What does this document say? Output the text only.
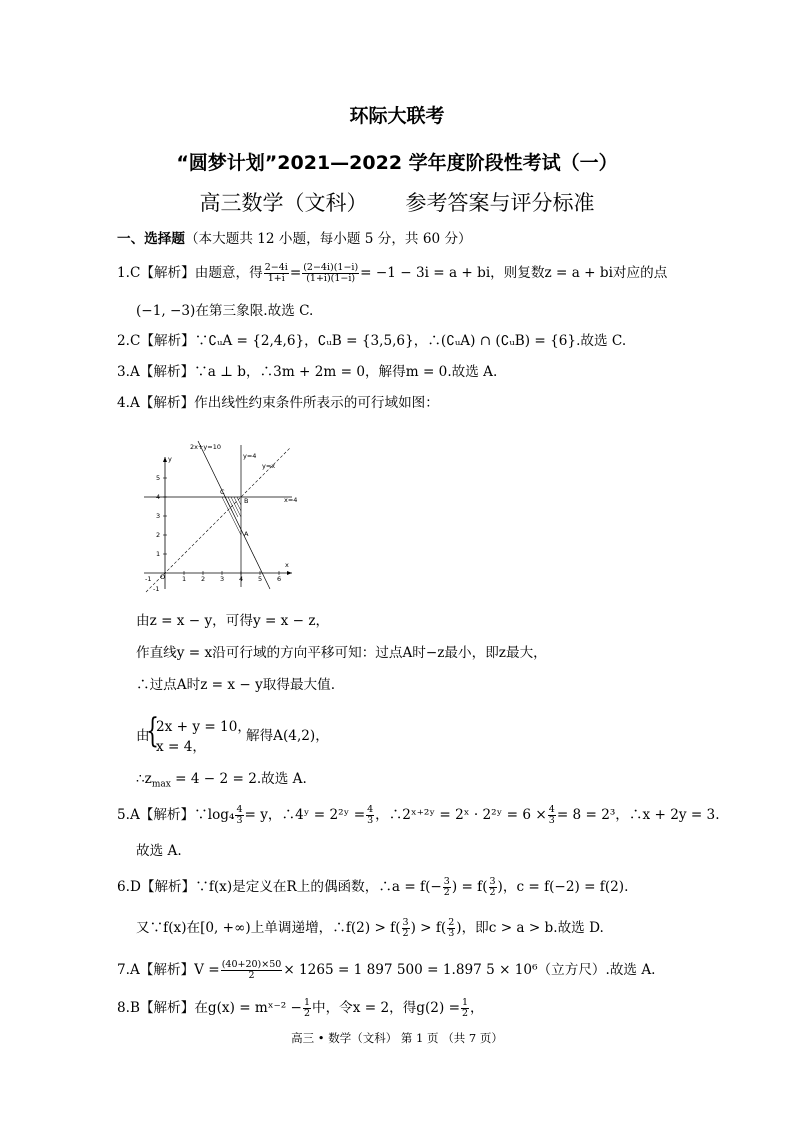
环际大联考
“圆梦计划”2021—2022 学年度阶段性考试（一）
高三数学（文科） 参考答案与评分标准
一、选择题（本大题共 12 小题，每小题 5 分，共 60 分）
1.C【解析】由题意，得 $\frac{2-4i}{1+i} = \frac{(2-4i)(1-i)}{(1+i)(1-i)} = -1 - 3i = a$ + bi，则复数z = a + bi对应的点
(−1, −3)在第三象限.故选 C.
2.C【解析】∵∁ᵤA = {2,4,6}，∁ᵤB = {3,5,6}，∴(∁ᵤA) ∩ (∁ᵤB) = {6}.故选 C.
3.A【解析】∵a ⊥ b，∴3m + 2m = 0，解得m = 0.故选 A.
4.A【解析】作出线性约束条件所表示的可行域如图：
2x+y=10
y=4
y=x
x=4
A
B
C
O
x
y
-1	1 2 3 4 5 6
5
4
3
2
1
-1
由z = x − y，可得y = x − z，
作直线y = x沿可行域的方向平移可知：过点A时−z最小，即z最大，
∴过点A时z = x − y取得最大值.
由
{
2x + y = 10，
x = 4，
解得A(4,2)，
$\therefore z_{max} = 4 - 2 = 2$.故选 A.
5.A【解析】∵log₄ $\frac{4}{3} = y$，∴4ʸ = 2²ʸ = $\frac{4}{3}$ ，∴2ˣ⁺²ʸ = 2ˣ · 2²ʸ = $6 \times \frac{4}{3} = 8 = 2^3$，∴x + 2y = 3.
故选 A.
6.D【解析】∵f(x)是定义在R上的偶函数，∴a = $f(- \frac{3}{2}$ ) = $f( \frac{3}{2}$ )，c = f(−2) = f(2).
又∵f(x)在[0, +∞)上单调递增，∴f(2) > $f( \frac{3}{2}$ ) > $f( \frac{2}{3}$ )，即c > a > b.故选 D.
7.A【解析】$V = \frac{(40+20)\times 50}{2} \times 1265 = 1$ 897 500 = 1.897 5 × 10⁶（立方尺）.故选 A.
8.B【解析】在g(x) = mˣ⁻² − $\frac{1}{2}$ 中，令x = 2，得$g(2) = \frac{1}{2}$ ，
高三 • 数学（文科） 第 1 页 （共 7 页）
